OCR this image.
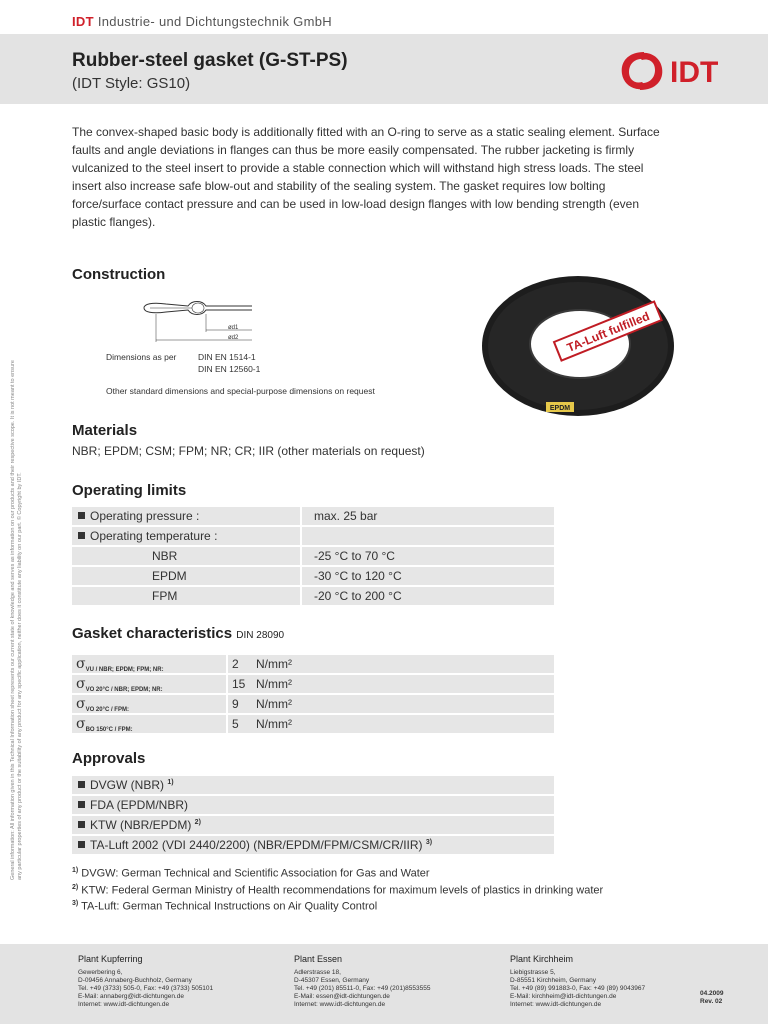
IDT Industrie- und Dichtungstechnik GmbH
Rubber-steel gasket (G-ST-PS)
(IDT Style: GS10)	IDT
The convex-shaped basic body is additionally fitted with an O-ring to serve as a static sealing element. Surface faults and angle deviations in flanges can thus be more easily compensated. The rubber jacketing is firmly vulcanized to the steel insert to provide a stable connection which will withstand high stress loads. The steel insert also increase safe blow-out and stability of the sealing system. The gasket requires low bolting force/surface contact pressure and can be used in low-load design flanges with low bending strength (even plastic flanges).
Construction
ød1
ød2
Dimensions as per	DIN EN 1514-1
DIN EN 12560-1
Other standard dimensions and special-purpose dimensions on request
TA-Luft fulfilled
EPDM
General information: All information given in this Technical Information sheet represents our current state of knowledge and serves as information on our products and their respective scope. It is not meant to ensure any particular properties of any product or the suitability of any product for any specific application, neither does it constitute any liability on our part. © Copyright by IDT.
Materials
NBR; EPDM; CSM; FPM; NR; CR; IIR (other materials on request)
Operating limits
Operating pressure :	max. 25 bar
Operating temperature :	
NBR	-25 °C to 70 °C
EPDM	-30 °C to 120 °C
FPM	-20 °C to 200 °C
Gasket characteristics DIN 28090
$\sigma_{VU / NBR; EPDM; FPM; NR:}$	2 N/mm²
$\sigma_{VO 20^\circ C / NBR; EPDM; NR:}$	15 N/mm²
$\sigma_{VO 20^\circ C / FPM:}$	9 N/mm²
$\sigma_{BO 150^\circ C / FPM:}$	5 N/mm²
Approvals
DVGW (NBR) $^{1)}$
FDA (EPDM/NBR)
KTW (NBR/EPDM) $^{2)}$
TA-Luft 2002 (VDI 2440/2200) (NBR/EPDM/FPM/CSM/CR/IIR) $^{3)}$
$^{1)}$ DVGW: German Technical and Scientific Association for Gas and Water
$^{2)}$ KTW: Federal German Ministry of Health recommendations for maximum levels of plastics in drinking water
$^{3)}$ TA-Luft: German Technical Instructions on Air Quality Control
Plant Kupferring
Gewerbering 6,
D-09456 Annaberg-Buchholz, Germany
Tel. +49 (3733) 505-0, Fax: +49 (3733) 505101
E-Mail: annaberg@idt-dichtungen.de
Internet: www.idt-dichtungen.de
Plant Essen
Adlerstrasse 18,
D-45307 Essen, Germany
Tel. +49 (201) 85511-0, Fax: +49 (201)8553555
E-Mail: essen@idt-dichtungen.de
Internet: www.idt-dichtungen.de
Plant Kirchheim
Liebigstrasse 5,
D-85551 Kirchheim, Germany
Tel. +49 (89) 991883-0, Fax: +49 (89) 9043967
E-Mail: kirchheim@idt-dichtungen.de
Internet: www.idt-dichtungen.de
04.2009
Rev. 02
